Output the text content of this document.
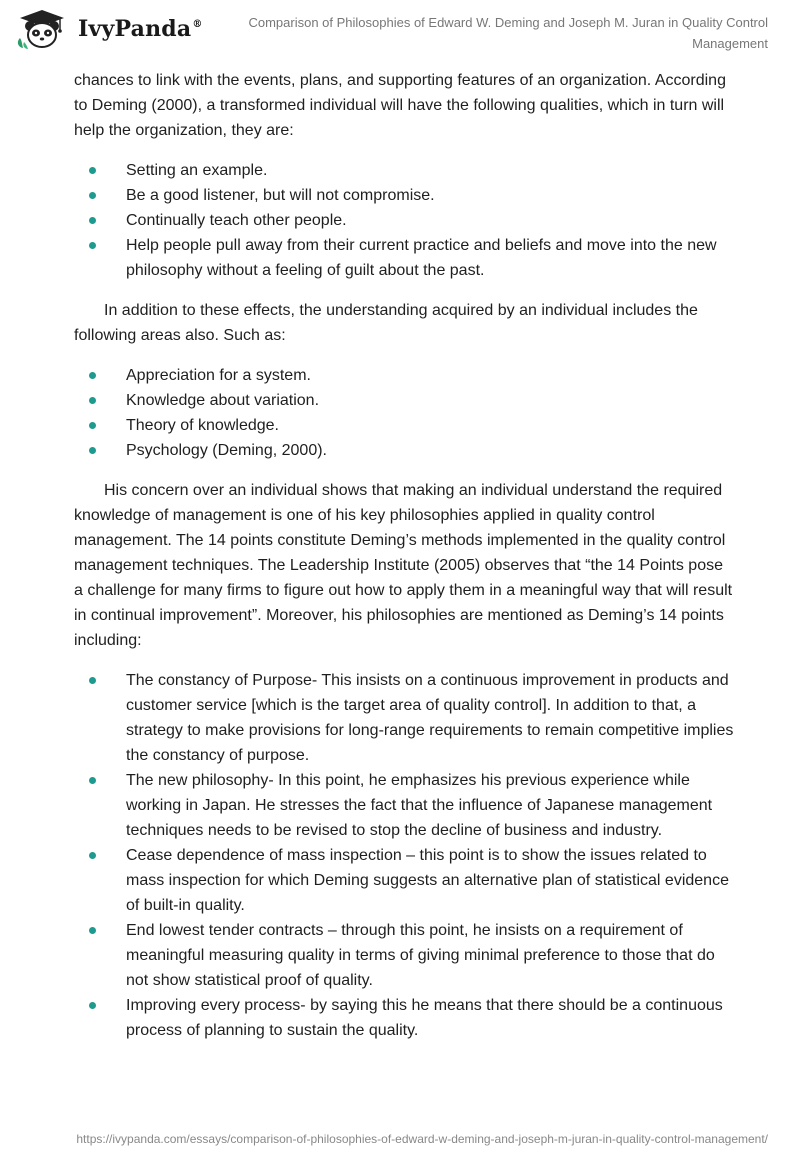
IvyPanda®	Comparison of Philosophies of Edward W. Deming and Joseph M. Juran in Quality Control Management

chances to link with the events, plans, and supporting features of an organization. According to Deming (2000), a transformed individual will have the following qualities, which in turn will help the organization, they are:

Setting an example.
Be a good listener, but will not compromise.
Continually teach other people.
Help people pull away from their current practice and beliefs and move into the new philosophy without a feeling of guilt about the past.

In addition to these effects, the understanding acquired by an individual includes the following areas also. Such as:

Appreciation for a system.
Knowledge about variation.
Theory of knowledge.
Psychology (Deming, 2000).

His concern over an individual shows that making an individual understand the required knowledge of management is one of his key philosophies applied in quality control management. The 14 points constitute Deming’s methods implemented in the quality control management techniques. The Leadership Institute (2005) observes that “the 14 Points pose a challenge for many firms to figure out how to apply them in a meaningful way that will result in continual improvement”. Moreover, his philosophies are mentioned as Deming’s 14 points including:

The constancy of Purpose- This insists on a continuous improvement in products and customer service [which is the target area of quality control]. In addition to that, a strategy to make provisions for long-range requirements to remain competitive implies the constancy of purpose.
The new philosophy- In this point, he emphasizes his previous experience while working in Japan. He stresses the fact that the influence of Japanese management techniques needs to be revised to stop the decline of business and industry.
Cease dependence of mass inspection – this point is to show the issues related to mass inspection for which Deming suggests an alternative plan of statistical evidence of built-in quality.
End lowest tender contracts – through this point, he insists on a requirement of meaningful measuring quality in terms of giving minimal preference to those that do not show statistical proof of quality.
Improving every process- by saying this he means that there should be a continuous process of planning to sustain the quality.
https://ivypanda.com/essays/comparison-of-philosophies-of-edward-w-deming-and-joseph-m-juran-in-quality-control-management/
